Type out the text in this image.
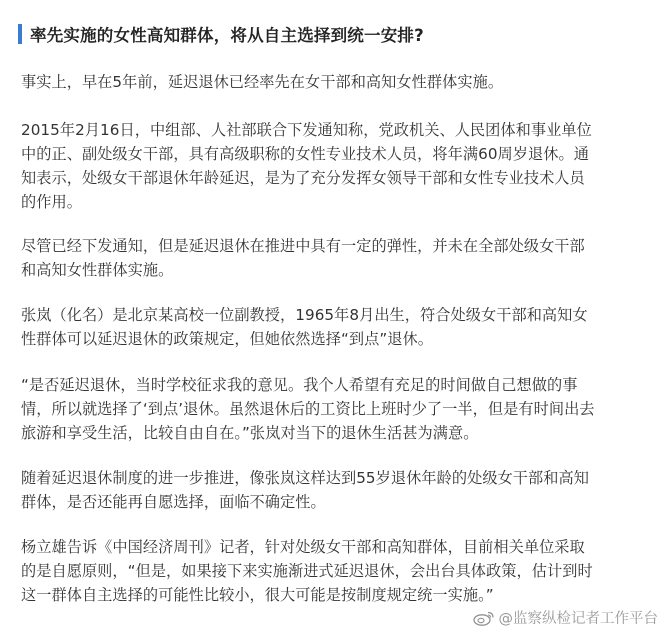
率先实施的女性高知群体，将从自主选择到统一安排?

事实上，早在5年前，延迟退休已经率先在女干部和高知女性群体实施。

2015年2月16日，中组部、人社部联合下发通知称，党政机关、人民团体和事业单位
中的正、副处级女干部，具有高级职称的女性专业技术人员，将年满60周岁退休。通
知表示，处级女干部退休年龄延迟，是为了充分发挥女领导干部和女性专业技术人员
的作用。

尽管已经下发通知，但是延迟退休在推进中具有一定的弹性，并未在全部处级女干部
和高知女性群体实施。

张岚（化名）是北京某高校一位副教授，1965年8月出生，符合处级女干部和高知女
性群体可以延迟退休的政策规定，但她依然选择“到点”退休。

“是否延迟退休，当时学校征求我的意见。我个人希望有充足的时间做自己想做的事
情，所以就选择了‘到点’退休。虽然退休后的工资比上班时少了一半，但是有时间出去
旅游和享受生活，比较自由自在。”张岚对当下的退休生活甚为满意。

随着延迟退休制度的进一步推进，像张岚这样达到55岁退休年龄的处级女干部和高知
群体，是否还能再自愿选择，面临不确定性。

杨立雄告诉《中国经济周刊》记者，针对处级女干部和高知群体，目前相关单位采取
的是自愿原则，“但是，如果接下来实施渐进式延迟退休，会出台具体政策，估计到时
这一群体自主选择的可能性比较小，很大可能是按制度规定统一实施。”

@监察纵检记者工作平台
